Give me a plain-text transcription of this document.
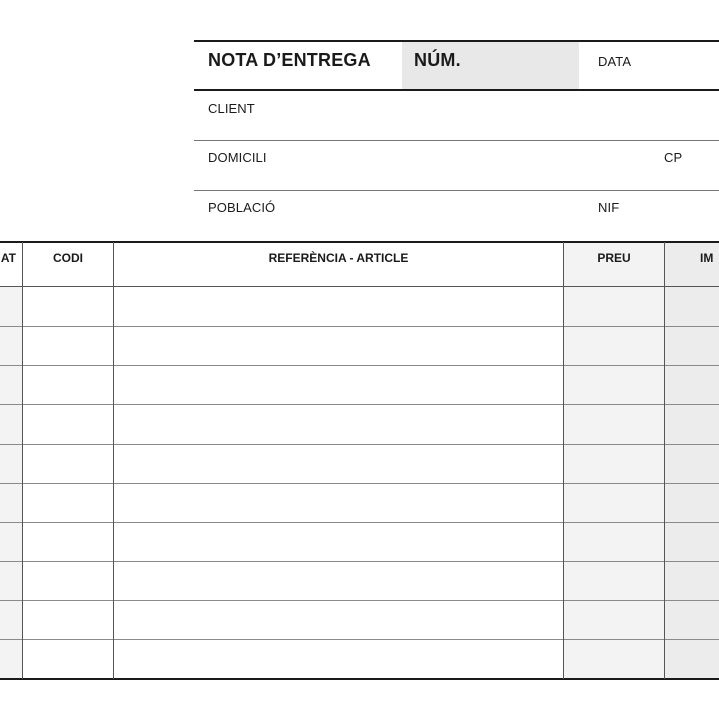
NOTA D’ENTREGA NÚM.	DATA
CLIENT
DOMICILI	CP
POBLACIÓ	NIF
AT	CODI	REFERÈNCIA - ARTICLE	PREU	IM
